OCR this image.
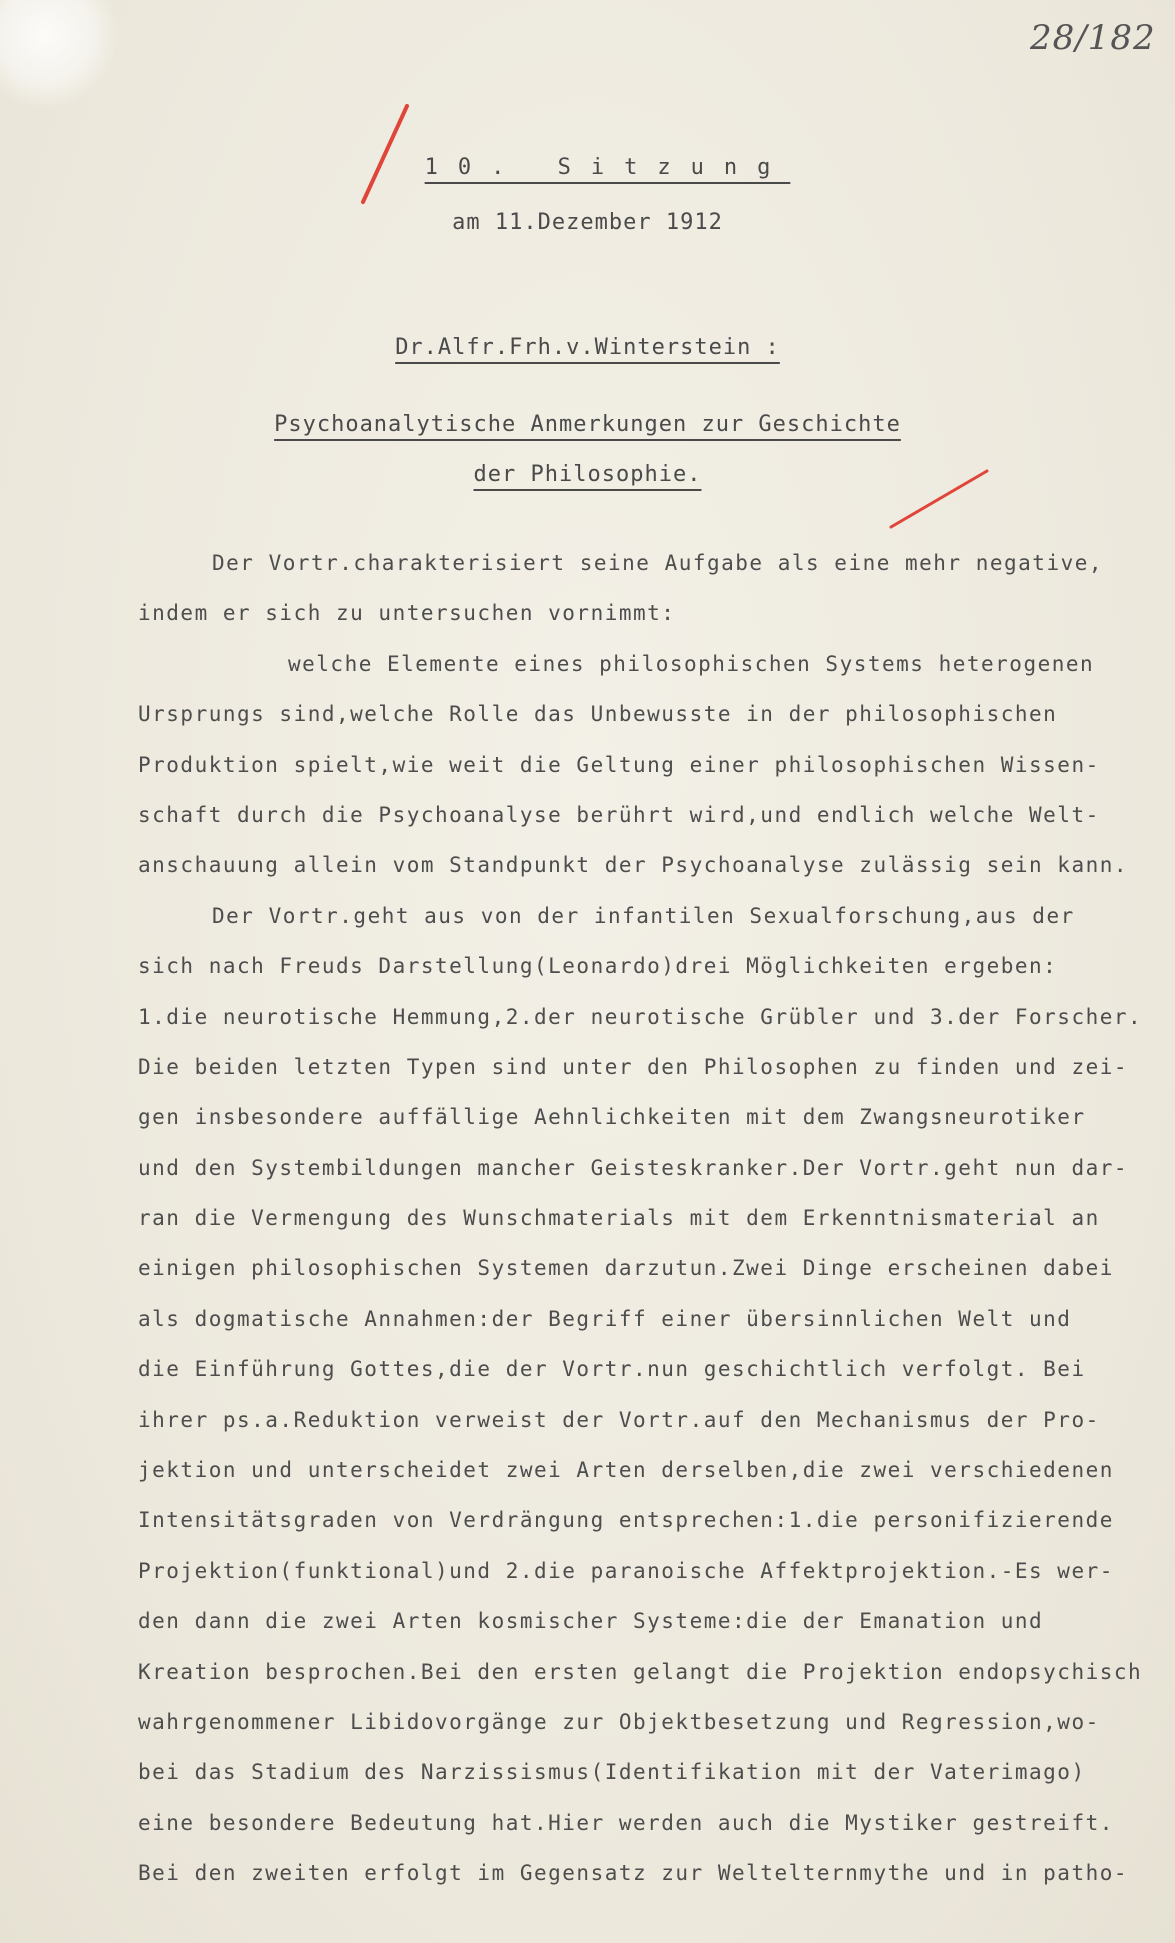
28/182
10. Sitzung
am 11.Dezember 1912
Dr.Alfr.Frh.v.Winterstein :
Psychoanalytische Anmerkungen zur Geschichte
der Philosophie.
Der Vortr.charakterisiert seine Aufgabe als eine mehr negative,
indem er sich zu untersuchen vornimmt:
welche Elemente eines philosophischen Systems heterogenen
Ursprungs sind,welche Rolle das Unbewusste in der philosophischen
Produktion spielt,wie weit die Geltung einer philosophischen Wissen-
schaft durch die Psychoanalyse berührt wird,und endlich welche Welt-
anschauung allein vom Standpunkt der Psychoanalyse zulässig sein kann.
Der Vortr.geht aus von der infantilen Sexualforschung,aus der
sich nach Freuds Darstellung(Leonardo)drei Möglichkeiten ergeben:
1.die neurotische Hemmung,2.der neurotische Grübler und 3.der Forscher.
Die beiden letzten Typen sind unter den Philosophen zu finden und zei-
gen insbesondere auffällige Aehnlichkeiten mit dem Zwangsneurotiker
und den Systembildungen mancher Geisteskranker.Der Vortr.geht nun dar-
ran die Vermengung des Wunschmaterials mit dem Erkenntnismaterial an
einigen philosophischen Systemen darzutun.Zwei Dinge erscheinen dabei
als dogmatische Annahmen:der Begriff einer übersinnlichen Welt und
die Einführung Gottes,die der Vortr.nun geschichtlich verfolgt. Bei
ihrer ps.a.Reduktion verweist der Vortr.auf den Mechanismus der Pro-
jektion und unterscheidet zwei Arten derselben,die zwei verschiedenen
Intensitätsgraden von Verdrängung entsprechen:1.die personifizierende
Projektion(funktional)und 2.die paranoische Affektprojektion.-Es wer-
den dann die zwei Arten kosmischer Systeme:die der Emanation und
Kreation besprochen.Bei den ersten gelangt die Projektion endopsychisch
wahrgenommener Libidovorgänge zur Objektbesetzung und Regression,wo-
bei das Stadium des Narzissismus(Identifikation mit der Vaterimago)
eine besondere Bedeutung hat.Hier werden auch die Mystiker gestreift.
Bei den zweiten erfolgt im Gegensatz zur Weltelternmythe und in patho-
